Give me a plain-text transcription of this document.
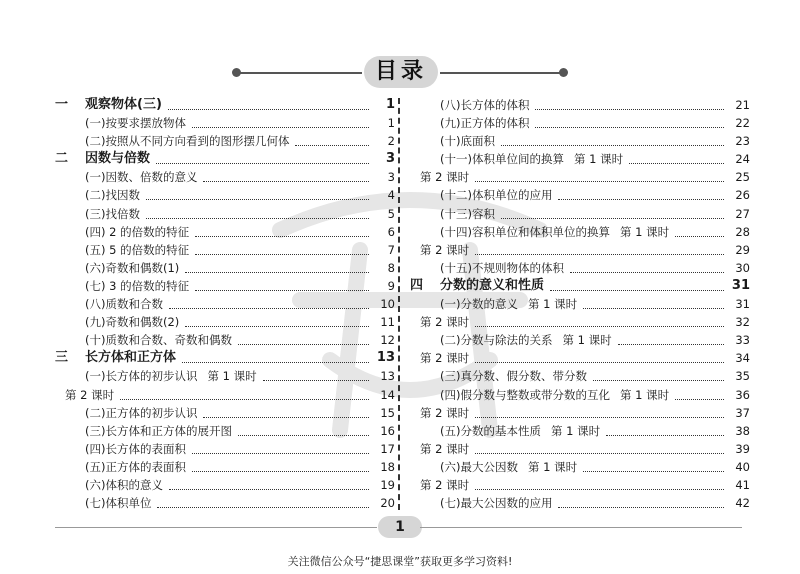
目录
一	观察物体(三)	1
(一)按要求摆放物体	1
(二)按照从不同方向看到的图形摆几何体	2
二	因数与倍数	3
(一)因数、倍数的意义	3
(二)找因数	4
(三)找倍数	5
(四) 2 的倍数的特征	6
(五) 5 的倍数的特征	7
(六)奇数和偶数(1)	8
(七) 3 的倍数的特征	9
(八)质数和合数	10
(九)奇数和偶数(2)	11
(十)质数和合数、奇数和偶数	12
三	长方体和正方体	13
(一)长方体的初步认识 第 1 课时	13
第 2 课时	14
(二)正方体的初步认识	15
(三)长方体和正方体的展开图	16
(四)长方体的表面积	17
(五)正方体的表面积	18
(六)体积的意义	19
(七)体积单位	20
(八)长方体的体积	21
(九)正方体的体积	22
(十)底面积	23
(十一)体积单位间的换算 第 1 课时	24
第 2 课时	25
(十二)体积单位的应用	26
(十三)容积	27
(十四)容积单位和体积单位的换算 第 1 课时	28
第 2 课时	29
(十五)不规则物体的体积	30
四	分数的意义和性质	31
(一)分数的意义 第 1 课时	31
第 2 课时	32
(二)分数与除法的关系 第 1 课时	33
第 2 课时	34
(三)真分数、假分数、带分数	35
(四)假分数与整数或带分数的互化 第 1 课时	36
第 2 课时	37
(五)分数的基本性质 第 1 课时	38
第 2 课时	39
(六)最大公因数 第 1 课时	40
第 2 课时	41
(七)最大公因数的应用	42
1
关注微信公众号“捷思课堂”获取更多学习资料!
